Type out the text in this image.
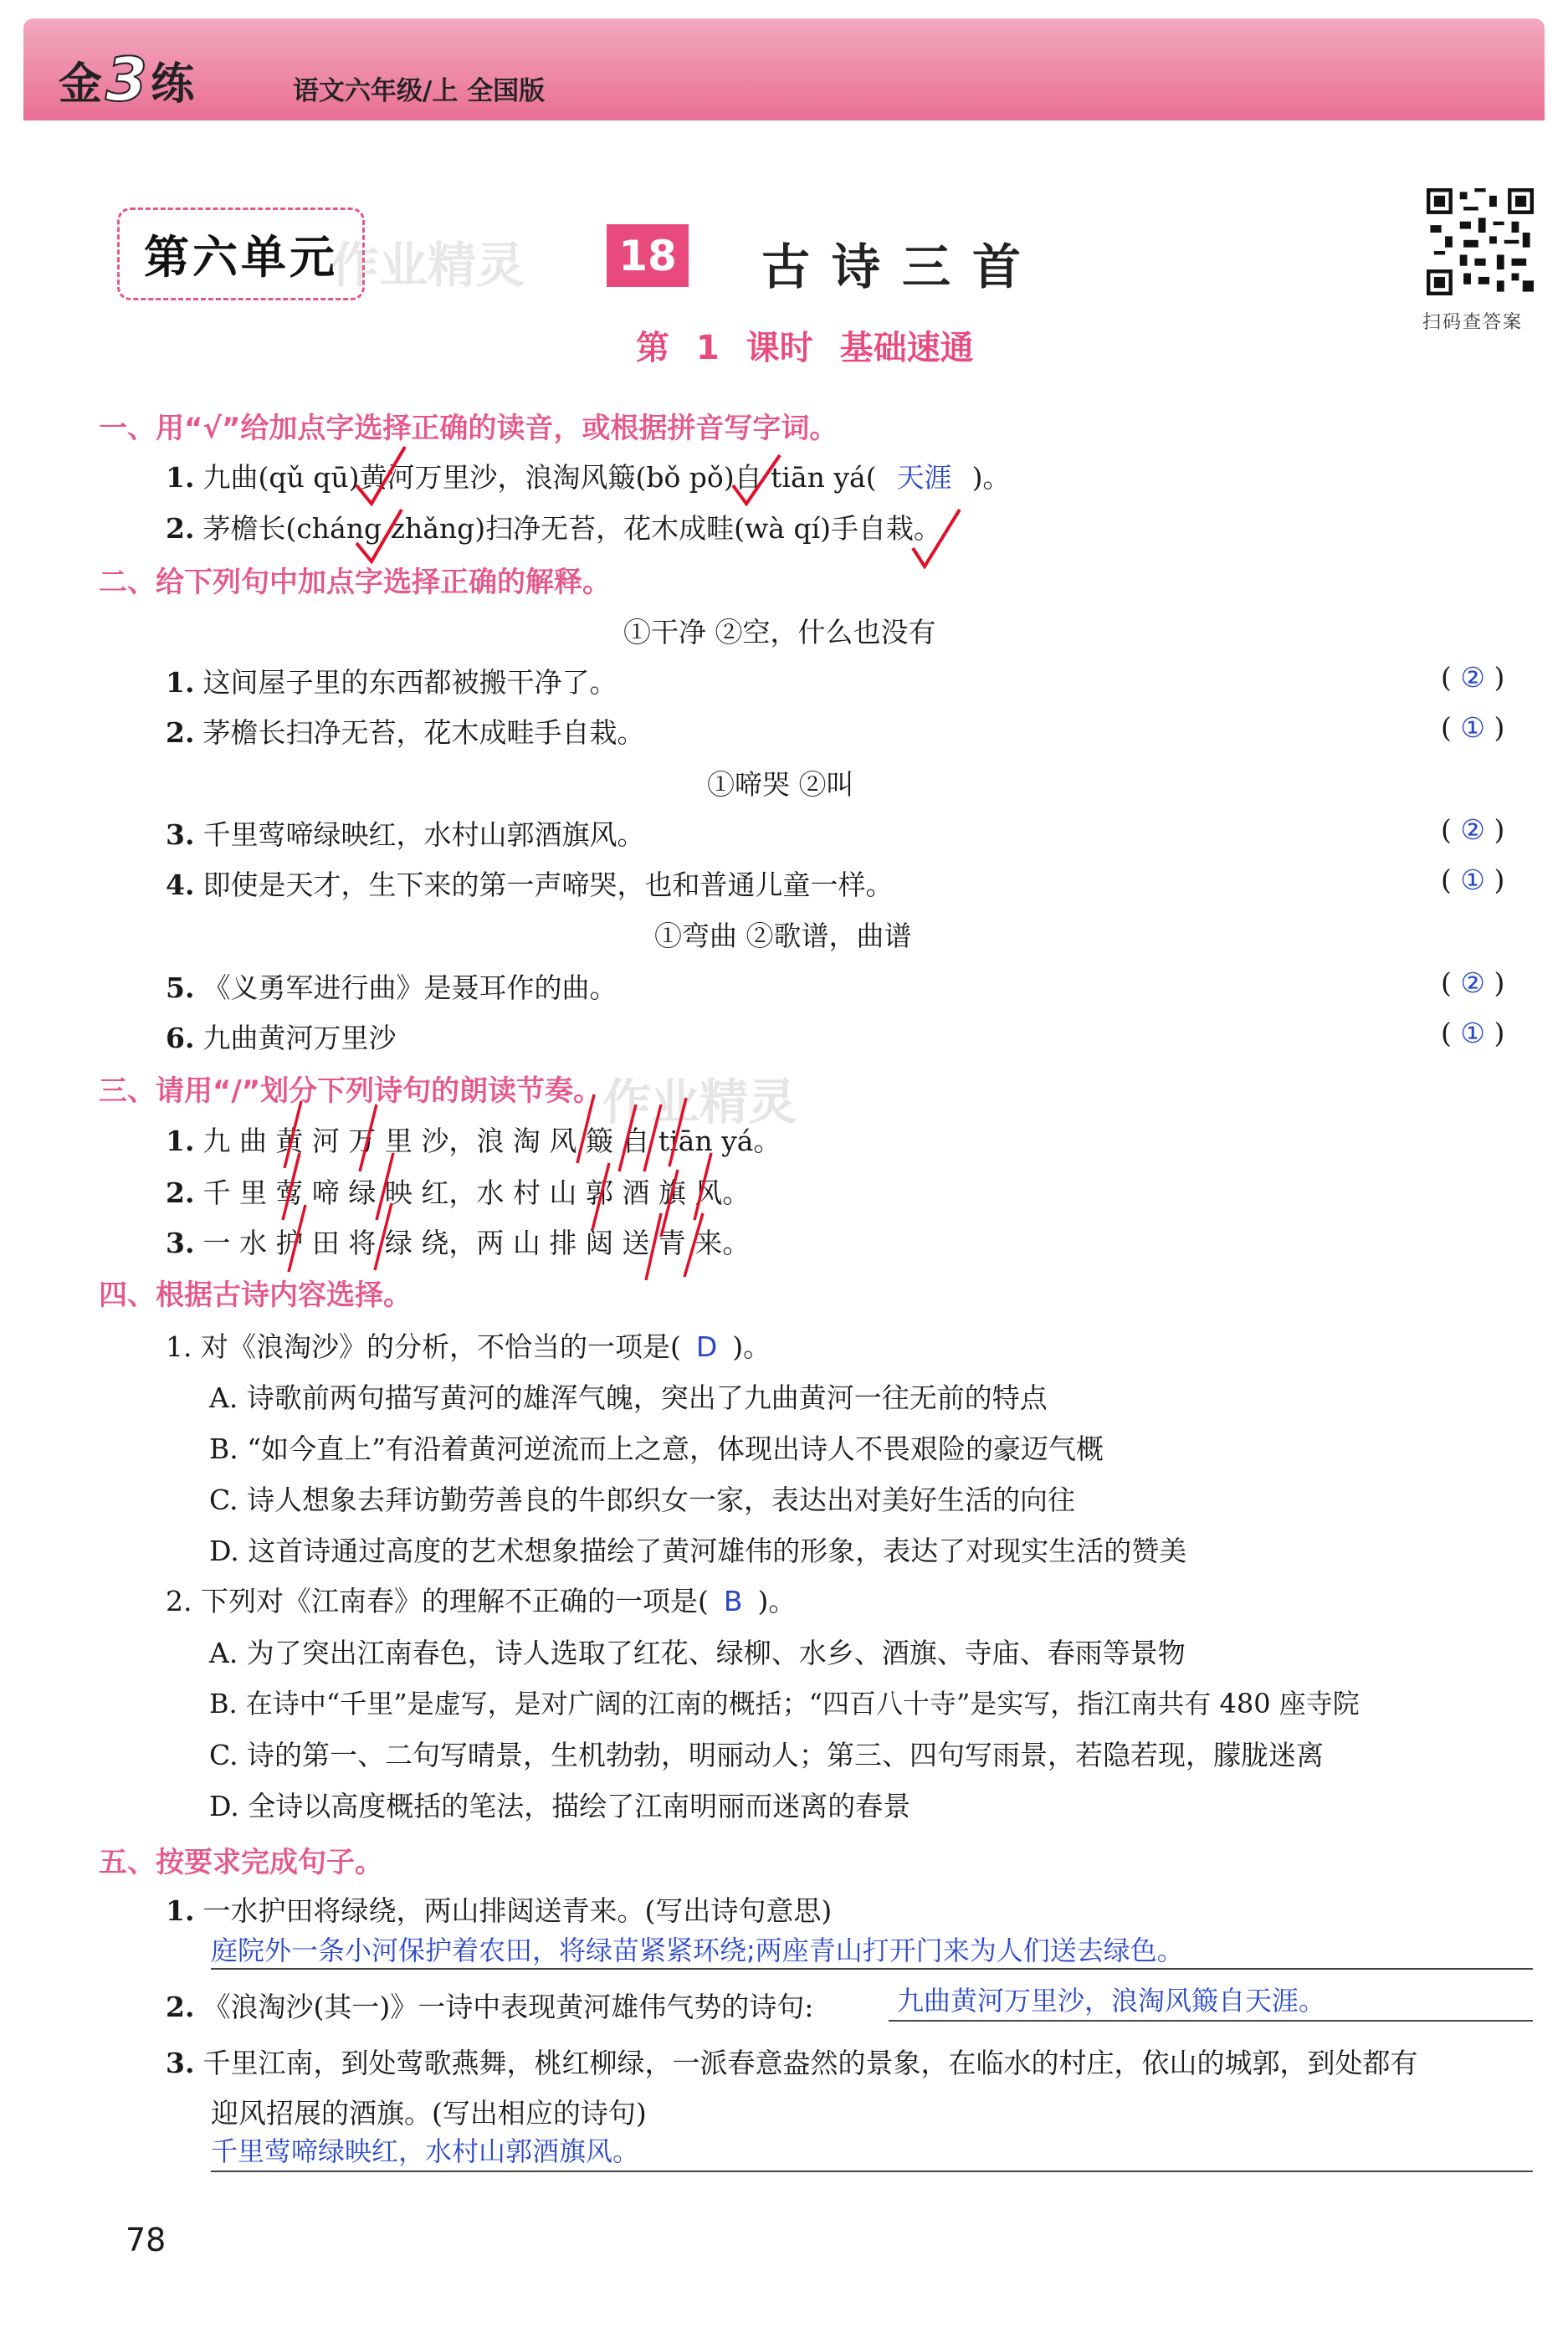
金 3 练	语文六年级/上 全国版
第六单元
作业精灵 18 古诗三首
扫码查答案
第 1 课时 基础速通
一、用“√”给加点字选择正确的读音，或根据拼音写字词。
1. 九曲(qǔ qū)黄河万里沙，浪淘风簸(bǒ pǒ)自 tiān yá( 天涯 )。
2. 茅檐长(cháng zhǎng)扫净无苔，花木成畦(wà qí)手自栽。
二、给下列句中加点字选择正确的解释。
①干净 ②空，什么也没有
1. 这间屋子里的东西都被搬干净了。	( ② )
2. 茅檐长扫净无苔，花木成畦手自栽。	( ① )
①啼哭 ②叫
3. 千里莺啼绿映红，水村山郭酒旗风。	( ② )
4. 即使是天才，生下来的第一声啼哭，也和普通儿童一样。	( ① )
①弯曲 ②歌谱，曲谱
5. 《义勇军进行曲》是聂耳作的曲。	( ② )
6. 九曲黄河万里沙	( ① )
三、请用“/”划分下列诗句的朗读节奏。 作业精灵
1. 九 曲 黄 河 万 里 沙，浪 淘 风 簸 自 tiān yá。
2. 千 里 莺 啼 绿 映 红，水 村 山 郭 酒 旗 风。
3. 一 水 护 田 将 绿 绕，两 山 排 闼 送 青 来。
四、根据古诗内容选择。
1. 对《浪淘沙》的分析，不恰当的一项是( D )。
A. 诗歌前两句描写黄河的雄浑气魄，突出了九曲黄河一往无前的特点
B. “如今直上”有沿着黄河逆流而上之意，体现出诗人不畏艰险的豪迈气概
C. 诗人想象去拜访勤劳善良的牛郎织女一家，表达出对美好生活的向往
D. 这首诗通过高度的艺术想象描绘了黄河雄伟的形象，表达了对现实生活的赞美
2. 下列对《江南春》的理解不正确的一项是( B )。
A. 为了突出江南春色，诗人选取了红花、绿柳、水乡、酒旗、寺庙、春雨等景物
B. 在诗中“千里”是虚写，是对广阔的江南的概括；“四百八十寺”是实写，指江南共有 480 座寺院
C. 诗的第一、二句写晴景，生机勃勃，明丽动人；第三、四句写雨景，若隐若现，朦胧迷离
D. 全诗以高度概括的笔法，描绘了江南明丽而迷离的春景
五、按要求完成句子。
1. 一水护田将绿绕，两山排闼送青来。(写出诗句意思)
庭院外一条小河保护着农田，将绿苗紧紧环绕;两座青山打开门来为人们送去绿色。
2. 《浪淘沙(其一)》一诗中表现黄河雄伟气势的诗句:	九曲黄河万里沙，浪淘风簸自天涯。
3. 千里江南，到处莺歌燕舞，桃红柳绿，一派春意盎然的景象，在临水的村庄，依山的城郭，到处都有
迎风招展的酒旗。(写出相应的诗句)
千里莺啼绿映红，水村山郭酒旗风。
78
